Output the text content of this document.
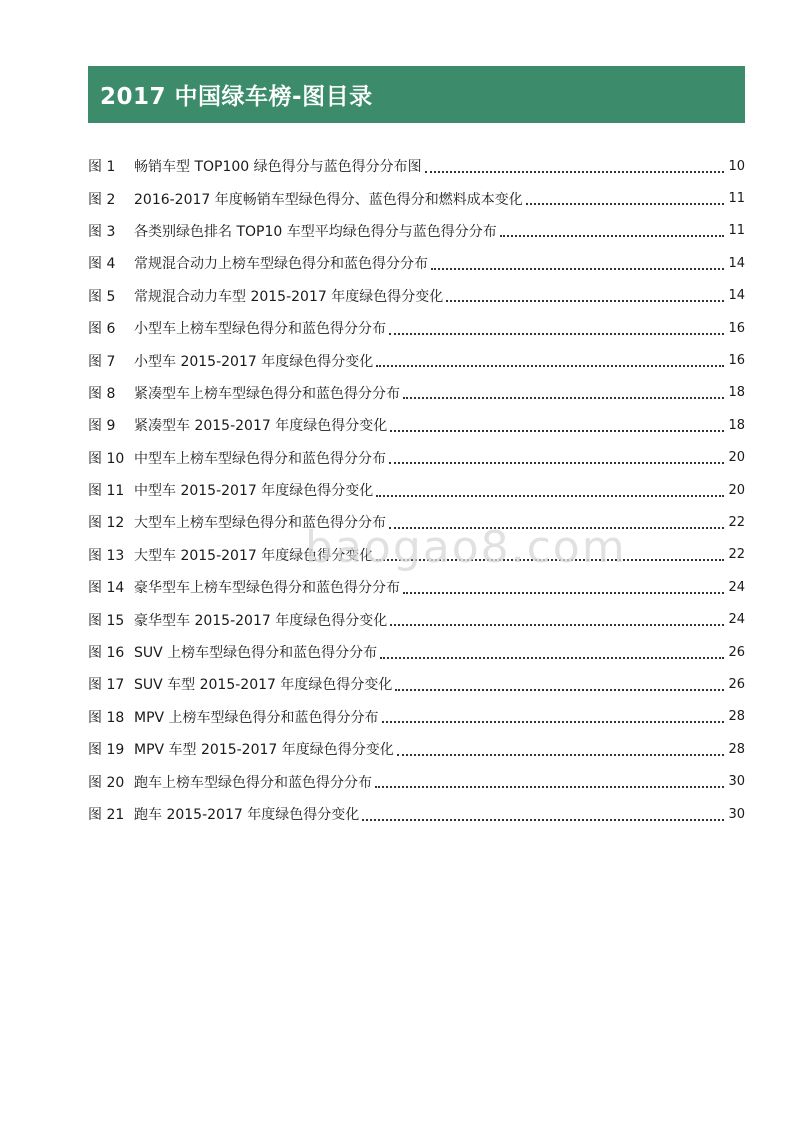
2017 中国绿车榜-图目录
图 1	畅销车型 TOP100 绿色得分与蓝色得分分布图	10
图 2	2016-2017 年度畅销车型绿色得分、蓝色得分和燃料成本变化	11
图 3	各类别绿色排名 TOP10 车型平均绿色得分与蓝色得分分布	11
图 4	常规混合动力上榜车型绿色得分和蓝色得分分布	14
图 5	常规混合动力车型 2015-2017 年度绿色得分变化	14
图 6	小型车上榜车型绿色得分和蓝色得分分布	16
图 7	小型车 2015-2017 年度绿色得分变化	16
图 8	紧凑型车上榜车型绿色得分和蓝色得分分布	18
图 9	紧凑型车 2015-2017 年度绿色得分变化	18
图 10 中型车上榜车型绿色得分和蓝色得分分布	20
图 11 中型车 2015-2017 年度绿色得分变化	20
图 12 大型车上榜车型绿色得分和蓝色得分分布	22
图 13 大型车 2015-2017 年度绿色得分变化	22
图 14 豪华型车上榜车型绿色得分和蓝色得分分布	24
图 15 豪华型车 2015-2017 年度绿色得分变化	24
图 16 SUV 上榜车型绿色得分和蓝色得分分布	26
图 17 SUV 车型 2015-2017 年度绿色得分变化	26
图 18 MPV 上榜车型绿色得分和蓝色得分分布	28
图 19 MPV 车型 2015-2017 年度绿色得分变化	28
图 20 跑车上榜车型绿色得分和蓝色得分分布	30
图 21 跑车 2015-2017 年度绿色得分变化	30
baogao8.com
